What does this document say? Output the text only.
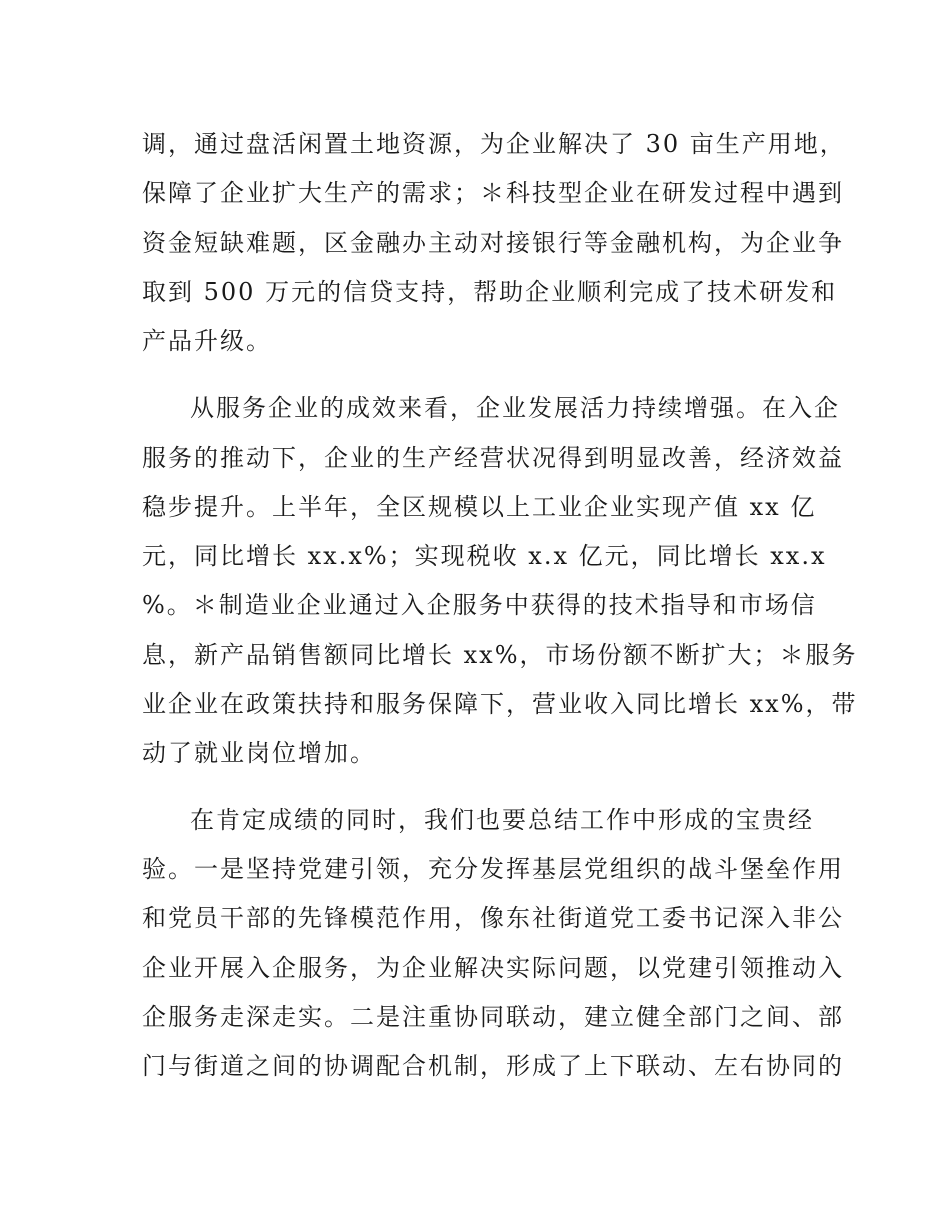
调，通过盘活闲置土地资源，为企业解决了 30 亩生产用地，

保障了企业扩大生产的需求；＊科技型企业在研发过程中遇到

资金短缺难题，区金融办主动对接银行等金融机构，为企业争

取到 500 万元的信贷支持，帮助企业顺利完成了技术研发和

产品升级。

从服务企业的成效来看，企业发展活力持续增强。在入企

服务的推动下，企业的生产经营状况得到明显改善，经济效益

稳步提升。上半年，全区规模以上工业企业实现产值 xx 亿

元，同比增长 xx.x%；实现税收 x.x 亿元，同比增长 xx.x

%。＊制造业企业通过入企服务中获得的技术指导和市场信

息，新产品销售额同比增长 xx%，市场份额不断扩大；＊服务

业企业在政策扶持和服务保障下，营业收入同比增长 xx%，带

动了就业岗位增加。

在肯定成绩的同时，我们也要总结工作中形成的宝贵经

验。一是坚持党建引领，充分发挥基层党组织的战斗堡垒作用

和党员干部的先锋模范作用，像东社街道党工委书记深入非公

企业开展入企服务，为企业解决实际问题，以党建引领推动入

企服务走深走实。二是注重协同联动，建立健全部门之间、部

门与街道之间的协调配合机制，形成了上下联动、左右协同的
